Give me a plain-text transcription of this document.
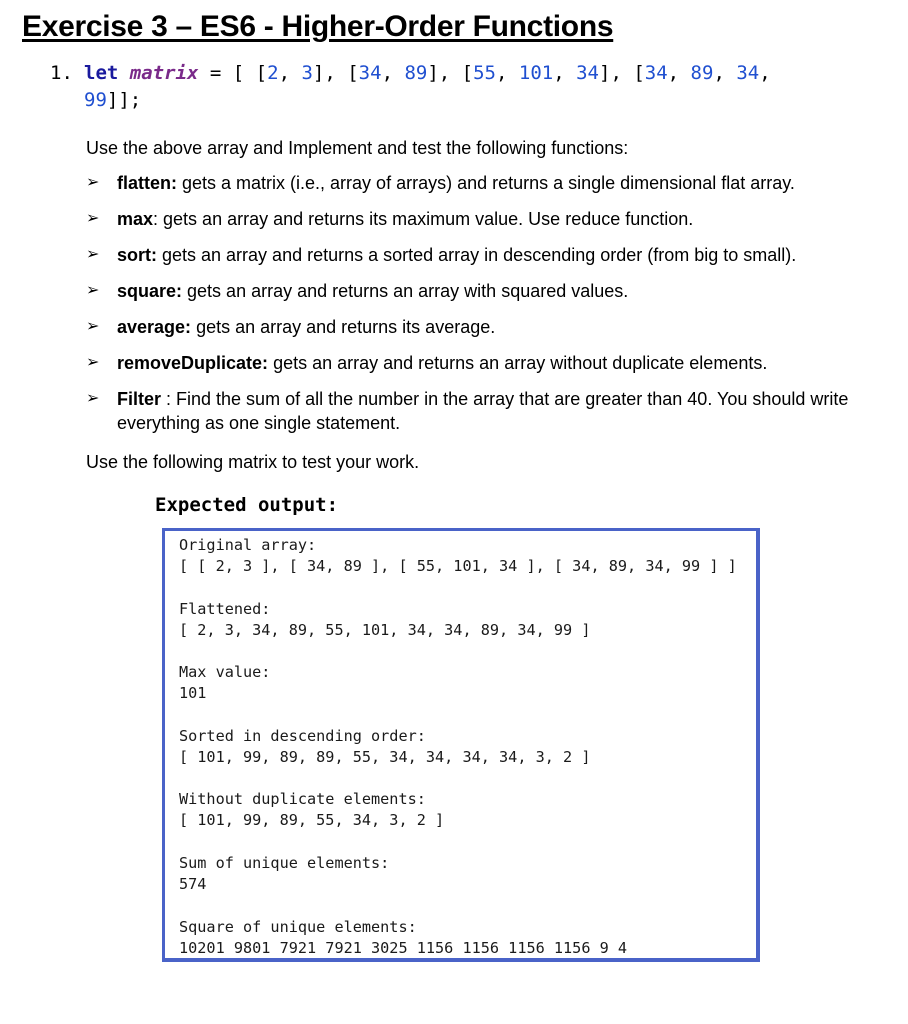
Exercise 3 – ES6 - Higher-Order Functions
1. let matrix = [ [2, 3], [34, 89], [55, 101, 34], [34, 89, 34,
99]];
Use the above array and Implement and test the following functions:
➢ flatten: gets a matrix (i.e., array of arrays) and returns a single dimensional flat array.
➢ max: gets an array and returns its maximum value. Use reduce function.
➢ sort: gets an array and returns a sorted array in descending order (from big to small).
➢ square: gets an array and returns an array with squared values.
➢ average: gets an array and returns its average.
➢ removeDuplicate: gets an array and returns an array without duplicate elements.
➢ Filter : Find the sum of all the number in the array that are greater than 40. You should write everything as one single statement.
Use the following matrix to test your work.
Expected output:
Original array:
[ [ 2, 3 ], [ 34, 89 ], [ 55, 101, 34 ], [ 34, 89, 34, 99 ] ]
Flattened:
[ 2, 3, 34, 89, 55, 101, 34, 34, 89, 34, 99 ]
Max value:
101
Sorted in descending order:
[ 101, 99, 89, 89, 55, 34, 34, 34, 34, 3, 2 ]
Without duplicate elements:
[ 101, 99, 89, 55, 34, 3, 2 ]
Sum of unique elements:
574
Square of unique elements:
10201 9801 7921 7921 3025 1156 1156 1156 1156 9 4
